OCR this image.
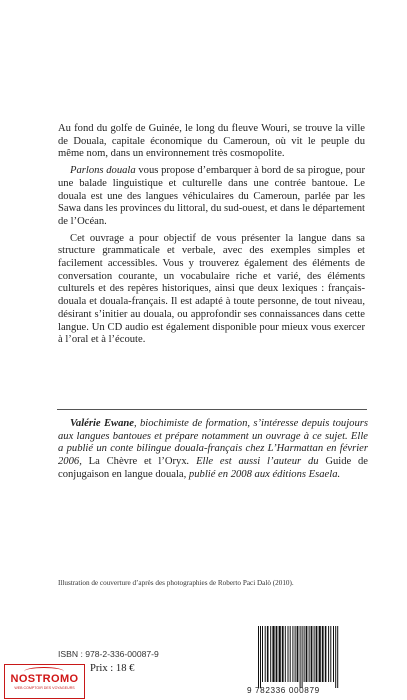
Au fond du golfe de Guinée, le long du fleuve Wouri, se trouve la ville de Douala, capitale économique du Cameroun, où vit le peuple du même nom, dans un environnement très cosmopolite.

Parlons douala vous propose d’embarquer à bord de sa pirogue, pour une balade linguistique et culturelle dans une contrée bantoue. Le douala est une des langues véhiculaires du Cameroun, parlée par les Sawa dans les provinces du littoral, du sud-ouest, et dans le département de l’Océan.

Cet ouvrage a pour objectif de vous présenter la langue dans sa structure grammaticale et verbale, avec des exemples simples et facilement accessibles. Vous y trouverez également des éléments de conversation courante, un vocabulaire riche et varié, des éléments culturels et des repères historiques, ainsi que deux lexiques : français-douala et douala-français. Il est adapté à toute personne, de tout niveau, désirant s’initier au douala, ou approfondir ses connaissances dans cette langue. Un CD audio est également disponible pour mieux vous exercer à l’oral et à l’écoute.

Valérie Ewane, biochimiste de formation, s’intéresse depuis toujours aux langues bantoues et prépare notamment un ouvrage à ce sujet. Elle a publié un conte bilingue douala-français chez L’Harmattan en février 2006, La Chèvre et l’Oryx. Elle est aussi l’auteur du Guide de conjugaison en langue douala, publié en 2008 aux éditions Esaela.

Illustration de couverture d’après des photographies de Roberto Paci Dalò (2010).
ISBN : 978-2-336-00087-9
Prix : 18 €
9 782336 000879
NOSTROMO
WEB COMPTOIR DES VOYAGEURS
